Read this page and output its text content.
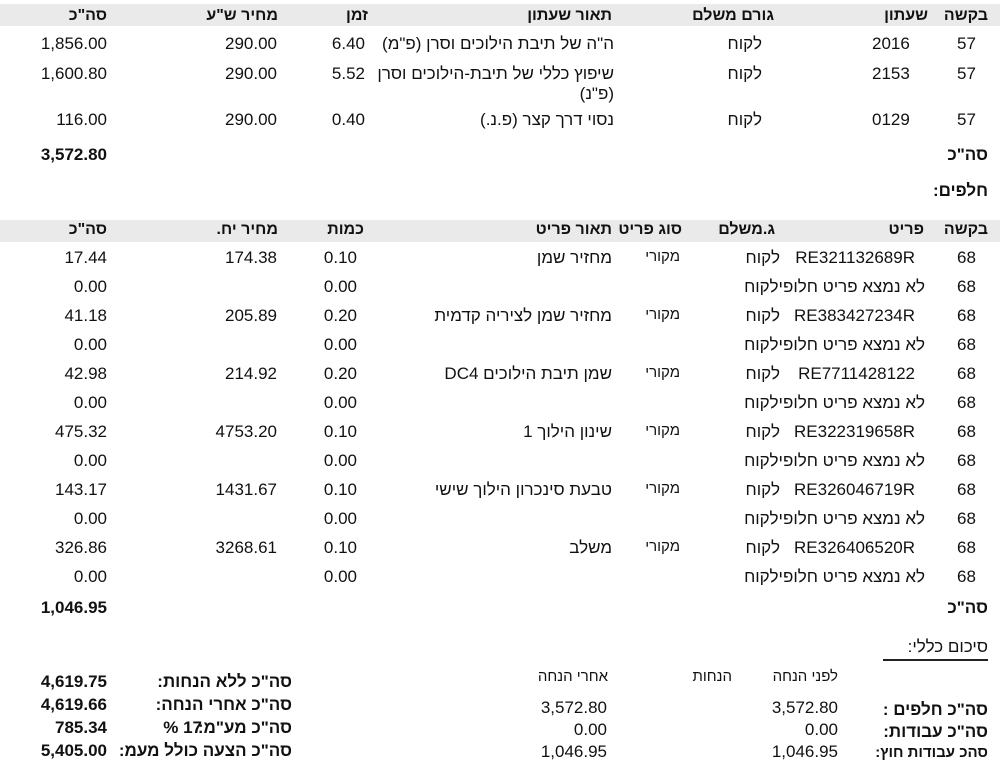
בקשה
שעתון
גורם משלם
תאור שעתון
זמן
מחיר ש"ע
סה"כ
57
2016
לקוח
ה"ה של תיבת הילוכים וסרן (פ"מ)
6.40
290.00
1,856.00
57
2153
לקוח
שיפוץ כללי של תיבת-הילוכים וסרן
(פ"נ)
5.52
290.00
1,600.80
57
0129
לקוח
נסוי דרך קצר (פ.נ.)
0.40
290.00
116.00
סה"כ
3,572.80
חלפים:
בקשה
פריט
ג.משלם
סוג פריט
תאור פריט
כמות
מחיר יח.
סה"כ
68
RE321132689R
לקוח
מקורי
מחזיר שמן
0.10
174.38
17.44
68
לא נמצא פריט חלופילקוח
0.00
0.00
68
RE383427234R
לקוח
מקורי
מחזיר שמן לציריה קדמית
0.20
205.89
41.18
68
לא נמצא פריט חלופילקוח
0.00
0.00
68
RE7711428122
לקוח
מקורי
שמן תיבת הילוכים DC4
0.20
214.92
42.98
68
לא נמצא פריט חלופילקוח
0.00
0.00
68
RE322319658R
לקוח
מקורי
שינון הילוך 1
0.10
4753.20
475.32
68
לא נמצא פריט חלופילקוח
0.00
0.00
68
RE326046719R
לקוח
מקורי
טבעת סינכרון הילוך שישי
0.10
1431.67
143.17
68
לא נמצא פריט חלופילקוח
0.00
0.00
68
RE326406520R
לקוח
מקורי
משלב
0.10
3268.61
326.86
68
לא נמצא פריט חלופילקוח
0.00
0.00
סה"כ
1,046.95
סיכום כללי:
לפני הנחה
הנחות
אחרי הנחה
סה"כ עבודות:
3,572.80
3,572.80
סהכ עבודות חוץ:
0.00
0.00
סה"כ חלפים :
1,046.95
1,046.95
סה"כ ללא הנחות:
4,619.75
סה"כ אחרי הנחה:
4,619.66
סה"כ מע"מ:
17 %
785.34
סה"כ הצעה כולל מעמ:
5,405.00
